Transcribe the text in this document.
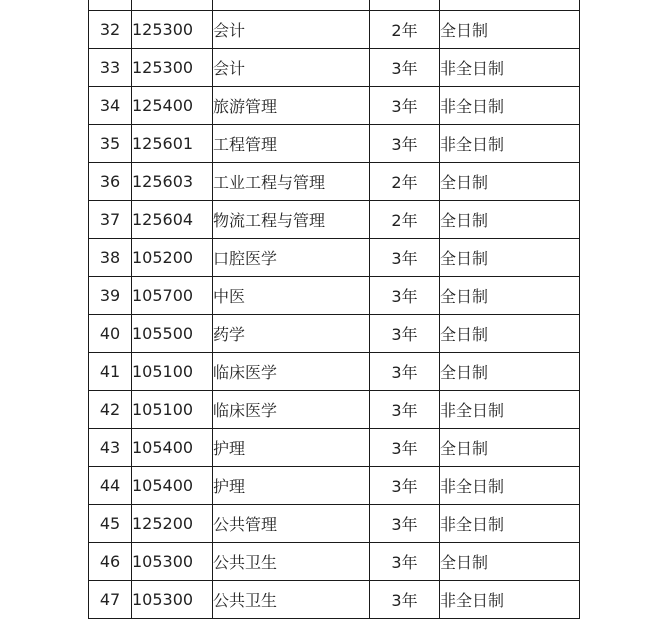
32	125300	会计	2年	全日制
33	125300	会计	3年	非全日制
34	125400	旅游管理	3年	非全日制
35	125601	工程管理	3年	非全日制
36	125603	工业工程与管理	2年	全日制
37	125604	物流工程与管理	2年	全日制
38	105200	口腔医学	3年	全日制
39	105700	中医	3年	全日制
40	105500	药学	3年	全日制
41	105100	临床医学	3年	全日制
42	105100	临床医学	3年	非全日制
43	105400	护理	3年	全日制
44	105400	护理	3年	非全日制
45	125200	公共管理	3年	非全日制
46	105300	公共卫生	3年	全日制
47	105300	公共卫生	3年	非全日制
